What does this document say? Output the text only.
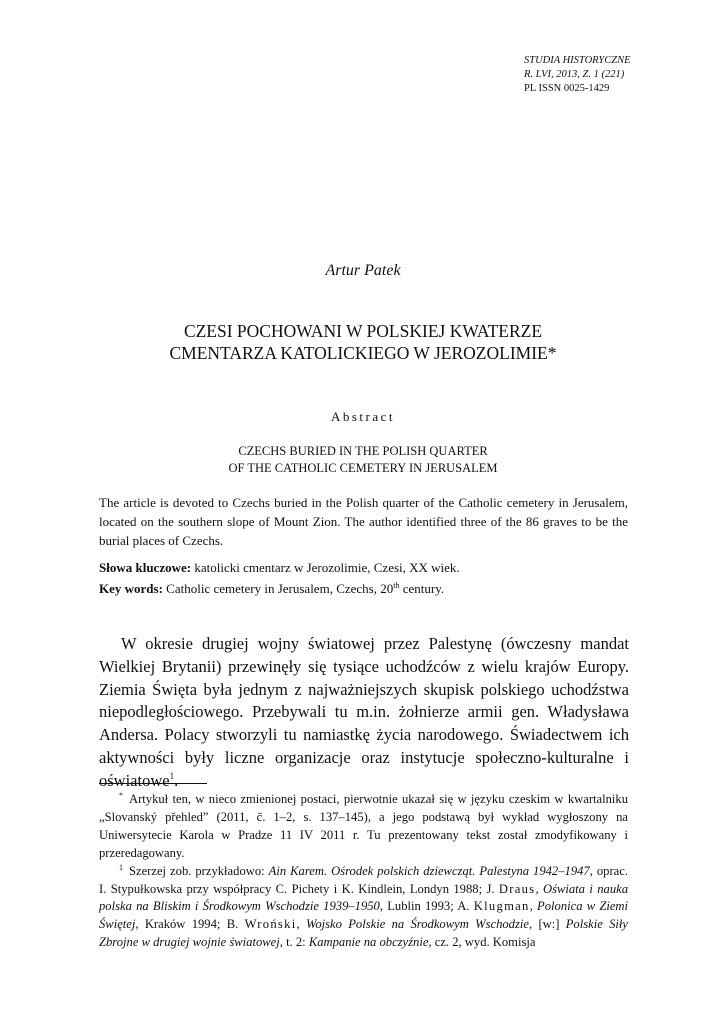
STUDIA HISTORYCZNE
R. LVI, 2013, Z. 1 (221)
PL ISSN 0025-1429
Artur Patek
CZESI POCHOWANI W POLSKIEJ KWATERZE
CMENTARZA KATOLICKIEGO W JEROZOLIMIE*
Abstract
CZECHS BURIED IN THE POLISH QUARTER
OF THE CATHOLIC CEMETERY IN JERUSALEM
The article is devoted to Czechs buried in the Polish quarter of the Catholic cemetery in Jerusalem, located on the southern slope of Mount Zion. The author identified three of the 86 graves to be the burial places of Czechs.
Słowa kluczowe: katolicki cmentarz w Jerozolimie, Czesi, XX wiek.
Key words: Catholic cemetery in Jerusalem, Czechs, 20th century.
W okresie drugiej wojny światowej przez Palestynę (ówczesny mandat Wielkiej Brytanii) przewinęły się tysiące uchodźców z wielu krajów Europy. Ziemia Święta była jednym z najważniejszych skupisk polskiego uchodźstwa niepodległościowego. Przebywali tu m.in. żołnierze armii gen. Władysława Andersa. Polacy stworzyli tu namiastkę życia narodowego. Świadectwem ich aktywności były liczne organizacje oraz instytucje społeczno-kulturalne i oświatowe$^1$.
* Artykuł ten, w nieco zmienionej postaci, pierwotnie ukazał się w języku czeskim w kwartalniku „Slovanský přehled” (2011, č. 1–2, s. 137–145), a jego podstawą był wykład wygłoszony na Uniwersytecie Karola w Pradze 11 IV 2011 r. Tu prezentowany tekst został zmodyfikowany i przeredagowany.
$^1$ Szerzej zob. przykładowo: Ain Karem. Ośrodek polskich dziewcząt. Palestyna 1942–1947, oprac. I. Stypułkowska przy współpracy C. Pichety i K. Kindlein, Londyn 1988; J. Draus, Oświata i nauka polska na Bliskim i Środkowym Wschodzie 1939–1950, Lublin 1993; A. Klugman, Polonica w Ziemi Świętej, Kraków 1994; B. Wroński, Wojsko Polskie na Środkowym Wschodzie, [w:] Polskie Siły Zbrojne w drugiej wojnie światowej, t. 2: Kampanie na obczyźnie, cz. 2, wyd. Komisja
